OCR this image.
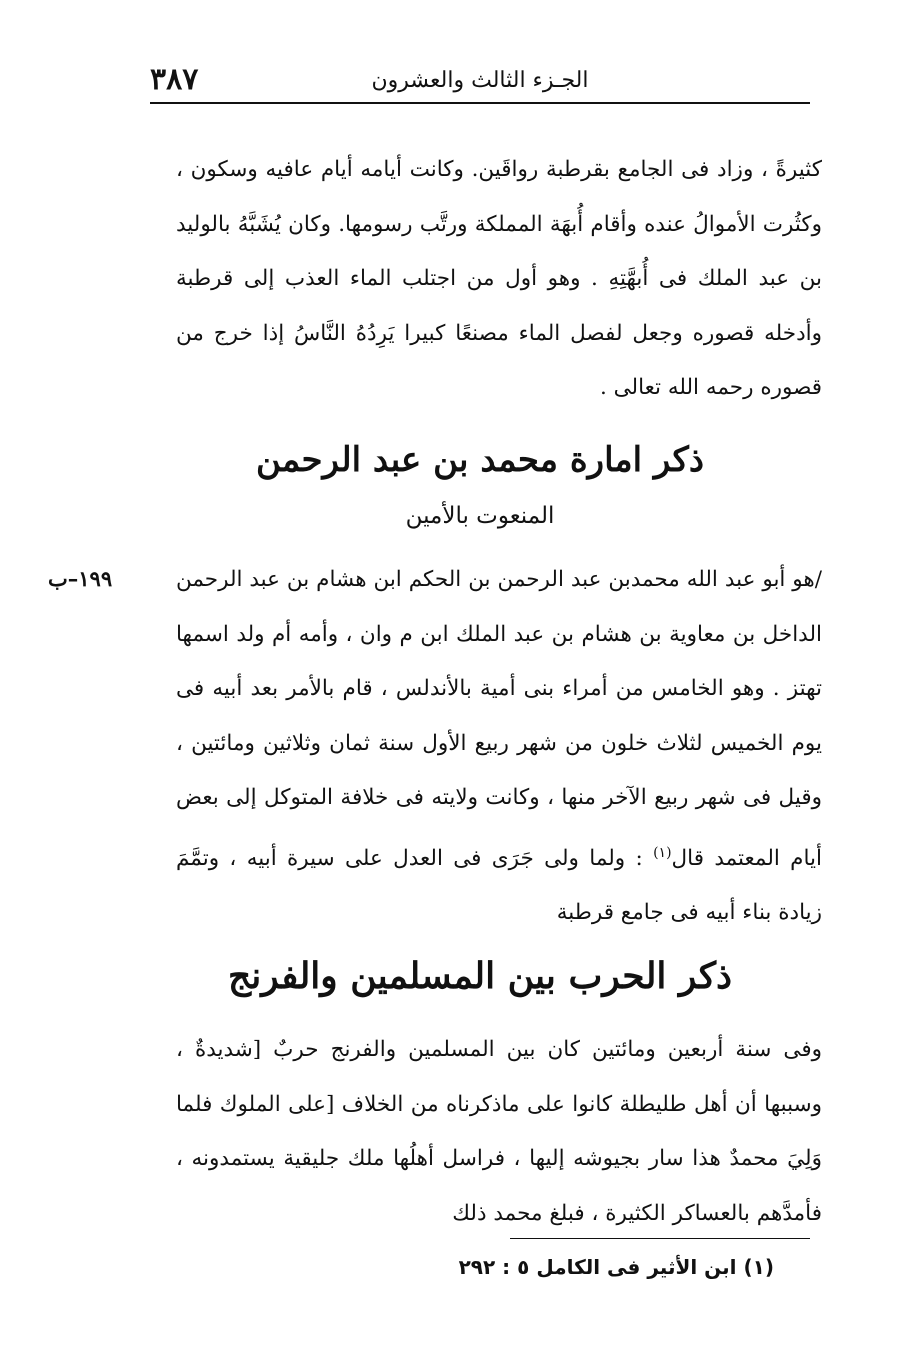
٣٨٧	الجـزء الثالث والعشرون

كثيرةً ، وزاد فى الجامع بقرطبة رواقَين. وكانت أيامه أيام عافيه وسكون ، وكثُرت الأموالُ عنده وأقام أُبهَة المملكة ورتَّب رسومها. وكان يُشَبَّهُ بالوليد بن عبد الملك فى أُبهَّتِهِ . وهو أول من اجتلب الماء العذب إلى قرطبة وأدخله قصوره وجعل لفصل الماء مصنعًا كبيرا يَرِدُهُ النَّاسُ إذا خرج من قصوره رحمه الله تعالى .

ذكر امارة محمد بن عبد الرحمن
المنعوت بالأمين
١٩٩–ب	/هو أبو عبد الله محمدبن عبد الرحمن بن الحكم ابن هشام بن عبد الرحمن الداخل بن معاوية بن هشام بن عبد الملك ابن م وان ، وأمه أم ولد اسمها تهتز . وهو الخامس من أمراء بنى أمية بالأندلس ، قام بالأمر بعد أبيه فى يوم الخميس لثلاث خلون من شهر ربيع الأول سنة ثمان وثلاثين ومائتين ، وقيل فى شهر ربيع الآخر منها ، وكانت ولايته فى خلافة المتوكل إلى بعض أيام المعتمد قال$^{(١)}$ : ولما ولى جَرَى فى العدل على سيرة أبيه ، وتمَّمَ زيادة بناء أبيه فى جامع قرطبة

ذكر الحرب بين المسلمين والفرنج

وفى سنة أربعين ومائتين كان بين المسلمين والفرنج حربٌ [شديدةٌ ، وسببها أن أهل طليطلة كانوا على ماذكرناه من الخلاف [على الملوك فلما وَلِيَ محمدٌ هذا سار بجيوشه إليها ، فراسل أهلُها ملك جليقية يستمدونه ، فأمدَّهم بالعساكر الكثيرة ، فبلغ محمد ذلك

(١) ابن الأثير فى الكامل ٥ : ٢٩٢
